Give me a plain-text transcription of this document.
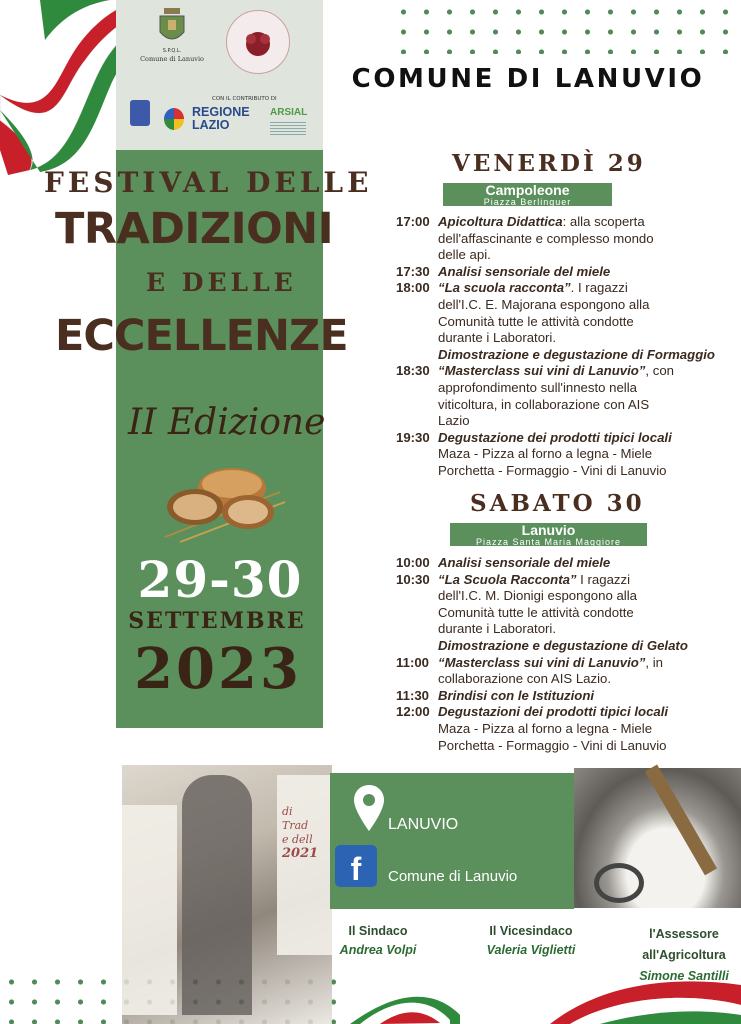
S.P.Q.L.
Comune di Lanuvio
CON IL CONTRIBUTO DI
REGIONE LAZIO
ARSIAL
COMUNE DI LANUVIO
FESTIVAL DELLE
TRADIZIONI
E DELLE
ECCELLENZE
II Edizione
29-30
SETTEMBRE
2023
VENERDÌ 29
Campoleone
Piazza Berlinguer
17:00 Apicoltura Didattica: alla scoperta
dell'affascinante e complesso mondo
delle api.
17:30 Analisi sensoriale del miele
18:00 “La scuola racconta”. I ragazzi
dell'I.C. E. Majorana espongono alla
Comunità tutte le attività condotte
durante i Laboratori.
Dimostrazione e degustazione di Formaggio
18:30 “Masterclass sui vini di Lanuvio”, con
approfondimento sull'innesto nella
viticoltura, in collaborazione con AIS
Lazio
19:30 Degustazione dei prodotti tipici locali
Maza - Pizza al forno a legna - Miele
Porchetta - Formaggio - Vini di Lanuvio
SABATO 30
Lanuvio
Piazza Santa Maria Maggiore
10:00 Analisi sensoriale del miele
10:30 “La Scuola Racconta” I ragazzi
dell'I.C. M. Dionigi espongono alla
Comunità tutte le attività condotte
durante i Laboratori.
Dimostrazione e degustazione di Gelato
11:00 “Masterclass sui vini di Lanuvio”, in
collaborazione con AIS Lazio.
11:30 Brindisi con le Istituzioni
12:00 Degustazioni dei prodotti tipici locali
Maza - Pizza al forno a legna - Miele
Porchetta - Formaggio - Vini di Lanuvio
di
Trad
e dell
2021
LANUVIO
f	Comune di Lanuvio
Il Sindaco
Andrea Volpi
Il Vicesindaco
Valeria Viglietti
l'Assessore all'Agricoltura
Simone Santilli
